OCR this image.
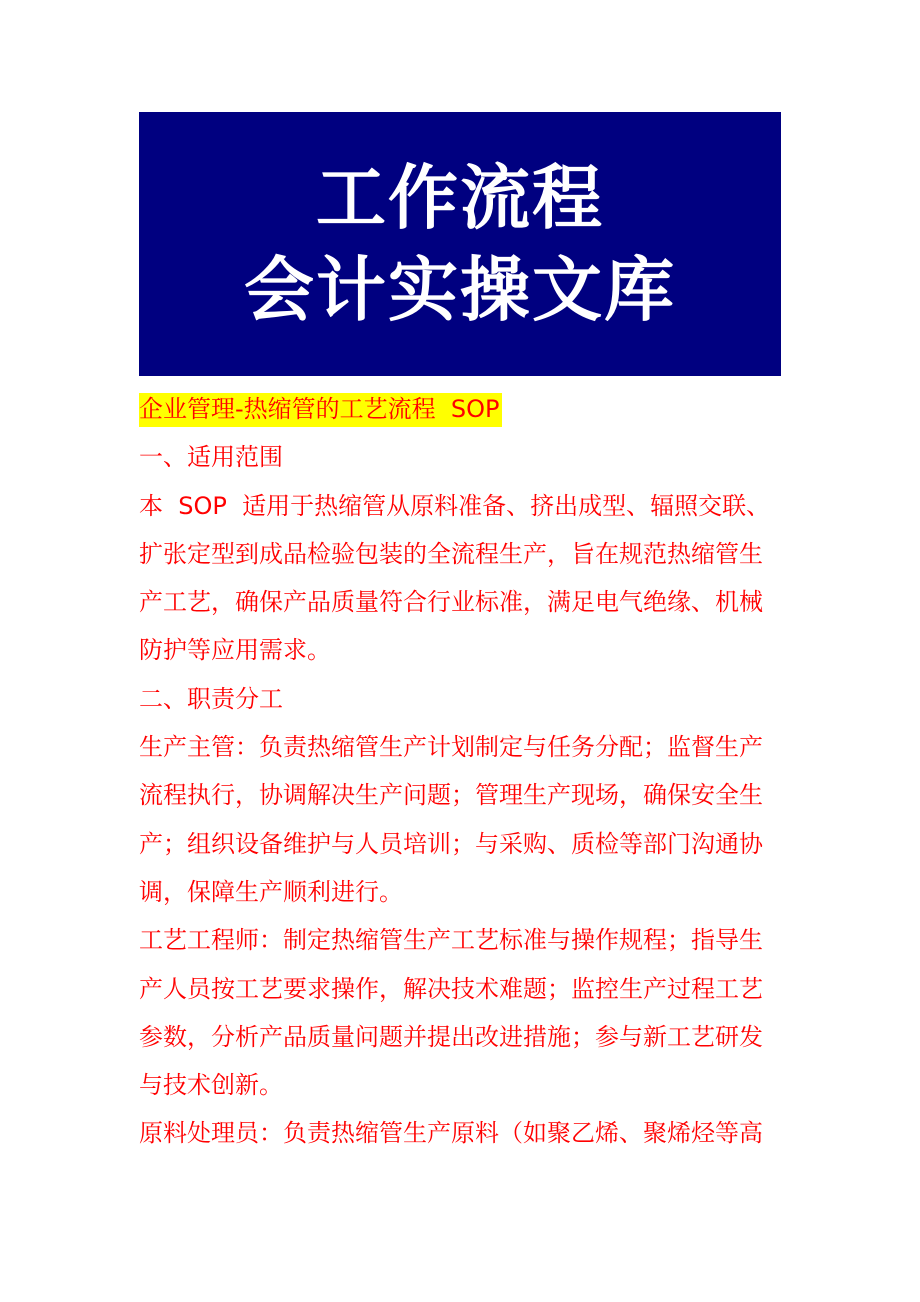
工作流程
会计实操文库
企业管理-热缩管的工艺流程  SOP
一、适用范围
本  SOP  适用于热缩管从原料准备、挤出成型、辐照交联、
扩张定型到成品检验包装的全流程生产，旨在规范热缩管生
产工艺，确保产品质量符合行业标准，满足电气绝缘、机械
防护等应用需求。
二、职责分工
生产主管：负责热缩管生产计划制定与任务分配；监督生产
流程执行，协调解决生产问题；管理生产现场，确保安全生
产；组织设备维护与人员培训；与采购、质检等部门沟通协
调，保障生产顺利进行。
工艺工程师：制定热缩管生产工艺标准与操作规程；指导生
产人员按工艺要求操作，解决技术难题；监控生产过程工艺
参数，分析产品质量问题并提出改进措施；参与新工艺研发
与技术创新。
原料处理员：负责热缩管生产原料（如聚乙烯、聚烯烃等高
